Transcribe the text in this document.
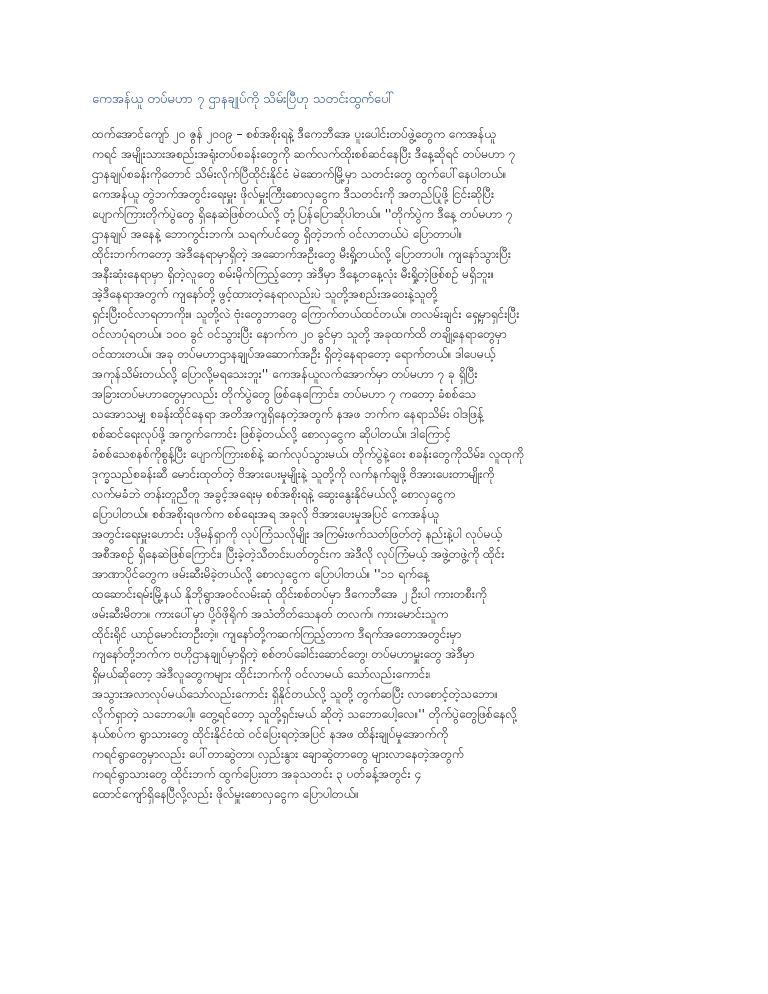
ကေအန်ယူ တပ်မဟာ ၇ ဌာနချုပ်ကို သိမ်းပြီဟု သတင်းထွက်ပေါ်
ထက်အောင်ကျော် ၂၀ ဇွန် ၂၀၀၉ – စစ်အစိုးရနဲ့ ဒီကေဘီအေ ပူးပေါင်းတပ်ဖွဲ့တွေက ကေအန်ယူ
ကရင် အမျိုးသားအစည်းအရုံးတပ်စခန်းတွေကို ဆက်လက်ထိုးစစ်ဆင်နေပြီး ဒီနေ့ဆိုရင် တပ်မဟာ ၇
ဌာနချုပ်စခန်းကိုတောင် သိမ်းလိုက်ပြီထိုင်းနိုင်ငံ မဲဆောက်မြို့မှာ သတင်းတွေ ထွက်ပေါ်နေပါတယ်။
ကေအန်ယူ တွဲဘက်အတွင်းရေးမှူး ဖိုလ်မှူးကြီးစောလှငွေက ဒီသတင်းကို အတည်ပြုဖို့ ငြင်းဆိုပြီး
ပျောက်ကြားတိုက်ပွဲတွေ ရှိနေဆဲဖြစ်တယ်လို့ တုံ့ပြန်ပြောဆိုပါတယ်။ ''တိုက်ပွဲက ဒီနေ့ တပ်မဟာ ၇
ဌာနချုပ် အနေနဲ့ ဘောကွင်းဘက်၊ သရက်ပင်တွေ ရှိတဲ့ဘက် ဝင်လာတယ်ပဲ ပြောတာပါ။
ထိုင်းဘက်ကတော့ အဲဒီနေရာမှာရှိတဲ့ အဆောက်အဦးတွေ မီးရှို့တယ်လို့ ပြောတာပါ။ ကျနော်သွားပြီး
အနီးဆုံးနေရာမှာ ရှိတဲ့လူတွေ စမ်းမိုက်ကြည့်တော့ အဲဒီမှာ ဒီနေ့တနေ့လုံး မီးရှို့တဲ့ဖြစ်စဉ် မရှိဘူး။
အဲ့ဒီနေရာအတွက် ကျနော်တို့ ဖွင့်ထားတဲ့နေရာလည်းပဲ သူတို့အစည်းအဝေးနဲ့သူတို့
ရှင်းပြီးဝင်လာရတာကိုး။ သူတို့လဲ ဗုံးတွေဘာတွေ ကြောက်တယ်ထင်တယ်။ တလမ်းချင်း ရှေ့မှာရှင်းပြီး
ဝင်လာပုံရတယ်။ ၁၀၀ ခွင် ဝင်သွားပြီး နောက်က ၂၀ ခွင်မှာ သူတို့ အခုထက်ထိ တချို့နေရာတွေမှာ
ဝင်ထားတယ်။ အခု တပ်မဟာဌာနချုပ်အဆောက်အဦး ရှိတဲ့နေရာတော့ ရောက်တယ်။ ဒါပေမယ့်
အကုန်သိမ်းတယ်လို့ ပြောလို့မရသေးဘူး'' ကေအန်ယူလက်အောက်မှာ တပ်မဟာ ၇ ခု ရှိပြီး
အခြားတပ်မဟာတွေမှာလည်း တိုက်ပွဲတွေ ဖြစ်နေကြောင်း၊ တပ်မဟာ ၇ ကတော့ ခံစစ်သေ
သအောသမျှ စခန်းထိုင်နေရာ အတိအကျရှိနေတဲ့အတွက် နအဖ ဘက်က နေရာသိမ်း ဝါဒဖြန့်
စစ်ဆင်ရေးလုပ်ဖို့ အကွက်ကောင်း ဖြစ်ခဲ့တယ်လို့ စောလှငွေက ဆိုပါတယ်။ ဒါကြောင့်
ခံစစ်သေစနစ်ကိုစွန့်ပြီး ပျောက်ကြားစစ်နဲ့ ဆက်လုပ်သွားမယ်၊ တိုက်ပွဲနဲ့ဝေး စခန်းတွေကိုသိမ်း၊ လူထုကို
ဒုက္ခသည်စခန်းဆီ မောင်းထုတ်တဲ့ ဗိအားပေးမှုမျိုးနဲ့ သူတို့ကို လက်နက်ချဖို့ ဗိအားပေးတာမျိုးကို
လက်မခံဘဲ တန်းတူညီတူ အခွင့်အရေးမှ စစ်အစိုးရနဲ့ ဆွေးနွေးနိုင်မယ်လို့ စောလှငွေက
ပြောပါတယ်။ စစ်အစိုးရဖက်က စစ်ရေးအရ အခုလို ဗိအားပေးမှုအပြင် ကေအန်ယူ
အတွင်းရေးမှူးဟောင်း ပဒိုမန်ရှာကို လုပ်ကြံသလိုမျိုး အကြမ်းဖက်သတ်ဖြတ်တဲ့ နည်းနဲ့ပါ လုပ်မယ့်
အစီအစဉ် ရှိနေဆဲဖြစ်ကြောင်း၊ ပြီးခဲ့တဲ့သီတင်းပတ်တွင်းက အဲဒီလို လုပ်ကြံမယ့် အဖွဲ့တဖွဲ့ကို ထိုင်း
အာဏာပိုင်တွေက ဖမ်းဆီးမိခဲ့တယ်လို့ စောလှငွေက ပြောပါတယ်။ ''၁၁ ရက်နေ့
ထဆောင်းရမ်းမြို့နယ် နိုဘိုရွာအဝင်လမ်းဆုံ ထိုင်းစစ်တပ်မှာ ဒီကေဘီအေ ၂ ဦးပါ ကားတစီးကို
ဖမ်းဆီးမိတာ။ ကားပေါ်မှာ ပို့ဝ်ဖိုရိုက် အသံတိတ်သေနတ် တလက်၊ ကားမောင်းသူက
ထိုင်းရိုင် ယာဉ်မောင်းတဦးတဲ့။ ကျနော်တို့ကဆက်ကြည့်တာက ဒီရက်အတောအတွင်းမှာ
ကျနော်တို့ဘက်က ဗဟိုဌာနချုပ်မှာရှိတဲ့ စစ်တပ်ခေါင်းဆောင်တွေ၊ တပ်မဟာမှူးတွေ အဲဒီမှာ
ရှိမယ်ဆိုတော့ အဲဒီလူတွေကများ ထိုင်းဘက်ကို ဝင်လာမယ် သော်လည်းကောင်း၊
အသွားအလာလုပ်မယ်သော်လည်းကောင်း ရှိနိုင်တယ်လို့ သူတို့ တွက်ဆပြီး လာစောင့်တဲ့သဘော။
လိုက်ရှာတဲ့ သဘောပေါ့။ တွေ့ရင်တော့ သူတို့ရှင်းမယ် ဆိုတဲ့ သဘောပေါ့လေ။'' တိုက်ပွဲတွေဖြစ်နေလို့
နယ်စပ်က ရွာသားတွေ ထိုင်းနိုင်ငံထဲ ဝင်ပြေးရတဲ့အပြင် နအဖ ထိန်းချုပ်မှုအောက်ကို
ကရင်ရွာတွေမှာလည်း ပေါ်တာဆွဲတာ၊ လှည်းနွား ချောဆွဲတာတွေ များလာနေတဲ့အတွက်
ကရင်ရွာသားတွေ ထိုင်းဘက် ထွက်ပြေးတာ အခုသတင်း ၃ ပတ်ခန့်အတွင်း ၄
ထောင်ကျော်ရှိနေပြီလို့လည်း ဖိုလ်မှူးစောလှငွေက ပြောပါတယ်။
